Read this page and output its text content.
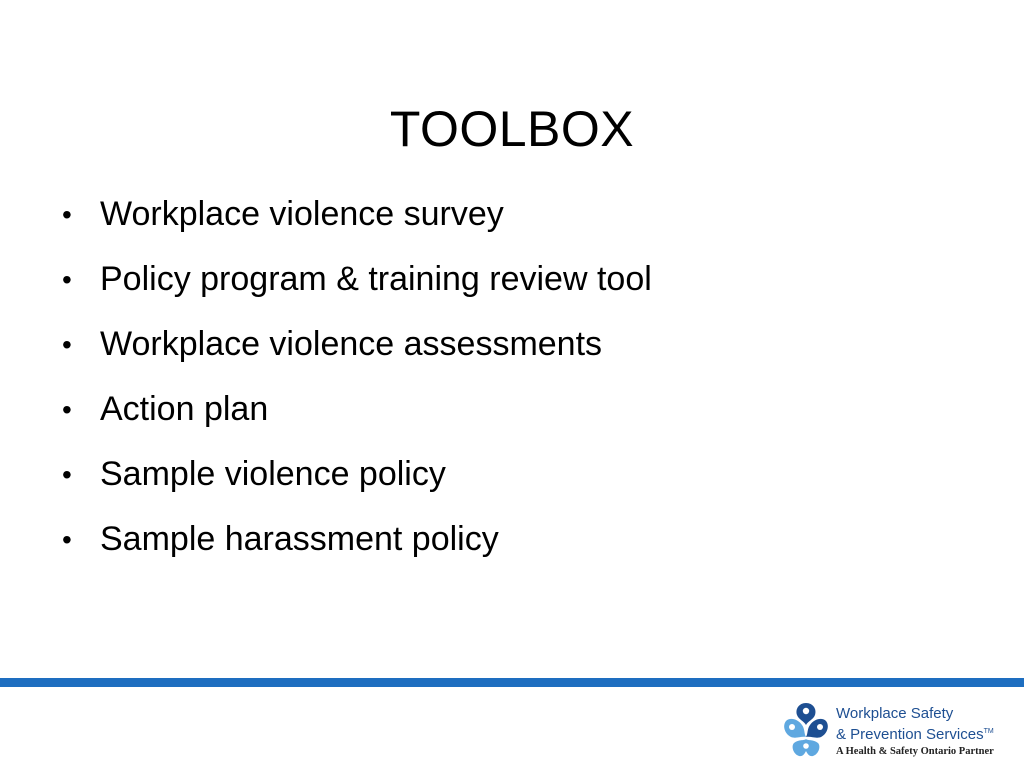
TOOLBOX
• Workplace violence survey
• Policy program & training review tool
• Workplace violence assessments
• Action plan
• Sample violence policy
• Sample harassment policy
Workplace Safety
& Prevention Services™
A Health & Safety Ontario Partner
